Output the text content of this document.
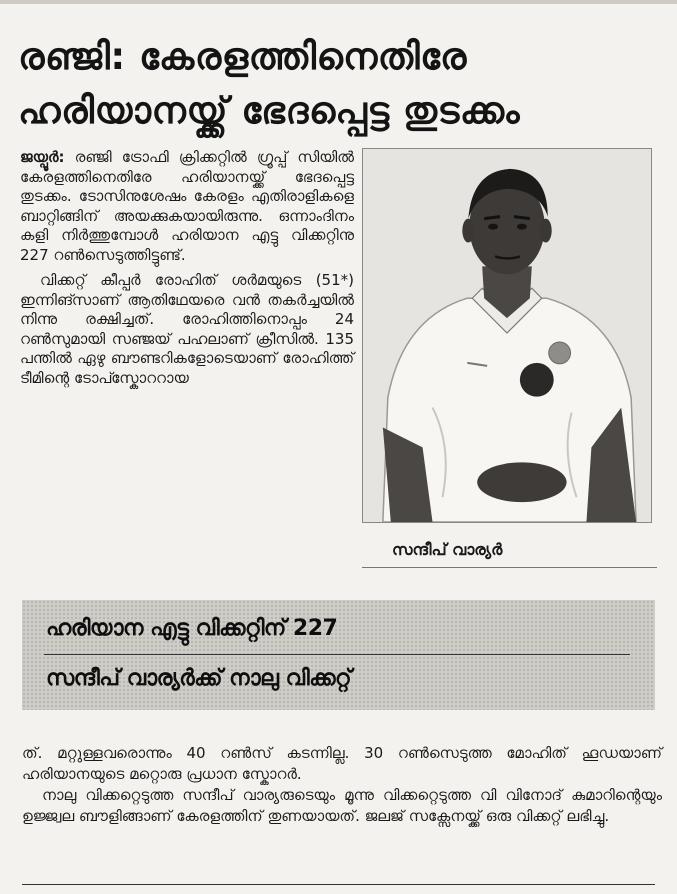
രഞ്ജി: കേരളത്തിനെതിരേ
ഹരിയാനയ്ക്ക് ഭേദപ്പെട്ട തുടക്കം

ജയ്പൂർ: രഞ്ജി ട്രോഫി ക്രിക്കറ്റിൽ ഗ്രൂപ്പ് സിയിൽ കേരളത്തിനെതിരേ ഹരിയാനയ്ക്ക് ഭേദപ്പെട്ട തുടക്കം. ടോസിനുശേഷം കേരളം എതിരാളികളെ ബാറ്റിങ്ങിന് അയക്കുകയായിരുന്നു. ഒന്നാംദിനം കളി നിർത്തുമ്പോൾ ഹരിയാന എട്ടു വിക്കറ്റിനു 227 റൺസെടുത്തിട്ടുണ്ട്.

വിക്കറ്റ് കീപ്പർ രോഹിത് ശർമയുടെ (51*) ഇന്നിങ്സാണ് ആതിഥേയരെ വൻ തകർച്ചയിൽ നിന്നു രക്ഷിച്ചത്. രോഹിത്തിനൊപ്പം 24 റൺസുമായി സഞ്ജയ് പഹലാണ് ക്രീസിൽ. 135 പന്തിൽ ഏഴു ബൗണ്ടറികളോടെയാണ് രോഹിത്ത് ടീമിന്റെ ടോപ്സ്കോററായ

സന്ദീപ് വാര്യർ
ഹരിയാന എട്ടു വിക്കറ്റിന് 227
സന്ദീപ് വാര്യർക്ക് നാലു വിക്കറ്റ്

ത്. മറ്റുള്ളവരൊന്നും 40 റൺസ് കടന്നില്ല. 30 റൺസെടുത്ത മോഹിത് ഹൂഡയാണ് ഹരിയാനയുടെ മറ്റൊരു പ്രധാന സ്കോറർ.

നാലു വിക്കറ്റെടുത്ത സന്ദീപ് വാര്യരുടെയും മൂന്നു വിക്കറ്റെടുത്ത വി വിനോദ് കുമാറിന്റെയും ഉജ്ജ്വല ബൗളിങ്ങാണ് കേരളത്തിന് തുണയായത്. ജലജ് സക്സേനയ്ക്ക് ഒരു വിക്കറ്റ് ലഭിച്ചു.
